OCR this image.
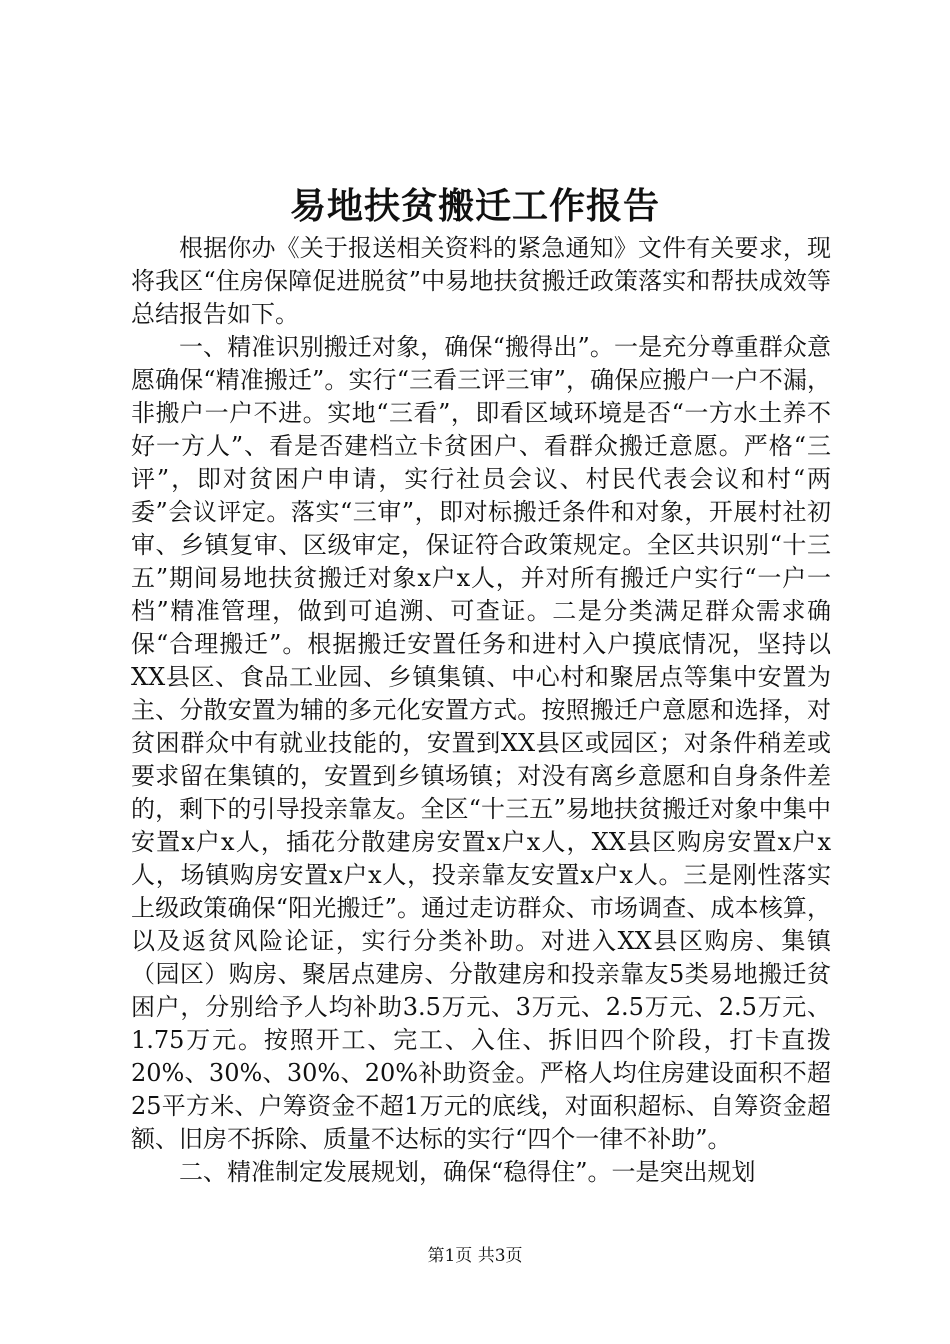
易地扶贫搬迁工作报告

根据你办《关于报送相关资料的紧急通知》文件有关要求，现将我区“住房保障促进脱贫”中易地扶贫搬迁政策落实和帮扶成效等总结报告如下。

一、精准识别搬迁对象，确保“搬得出”。一是充分尊重群众意愿确保“精准搬迁”。实行“三看三评三审”，确保应搬户一户不漏，非搬户一户不进。实地“三看”，即看区域环境是否“一方水土养不好一方人”、看是否建档立卡贫困户、看群众搬迁意愿。严格“三评”，即对贫困户申请，实行社员会议、村民代表会议和村“两委”会议评定。落实“三审”，即对标搬迁条件和对象，开展村社初审、乡镇复审、区级审定，保证符合政策规定。全区共识别“十三五”期间易地扶贫搬迁对象x户x人，并对所有搬迁户实行“一户一档”精准管理，做到可追溯、可查证。二是分类满足群众需求确保“合理搬迁”。根据搬迁安置任务和进村入户摸底情况，坚持以XX县区、食品工业园、乡镇集镇、中心村和聚居点等集中安置为主、分散安置为辅的多元化安置方式。按照搬迁户意愿和选择，对贫困群众中有就业技能的，安置到XX县区或园区；对条件稍差或要求留在集镇的，安置到乡镇场镇；对没有离乡意愿和自身条件差的，剩下的引导投亲靠友。全区“十三五”易地扶贫搬迁对象中集中安置x户x人，插花分散建房安置x户x人，XX县区购房安置x户x人，场镇购房安置x户x人，投亲靠友安置x户x人。三是刚性落实上级政策确保“阳光搬迁”。通过走访群众、市场调查、成本核算，以及返贫风险论证，实行分类补助。对进入XX县区购房、集镇（园区）购房、聚居点建房、分散建房和投亲靠友5类易地搬迁贫困户，分别给予人均补助3.5万元、3万元、2.5万元、2.5万元、1.75万元。按照开工、完工、入住、拆旧四个阶段，打卡直拨20%、30%、30%、20%补助资金。严格人均住房建设面积不超25平方米、户筹资金不超1万元的底线，对面积超标、自筹资金超额、旧房不拆除、质量不达标的实行“四个一律不补助”。

二、精准制定发展规划，确保“稳得住”。一是突出规划

第1页 共3页
